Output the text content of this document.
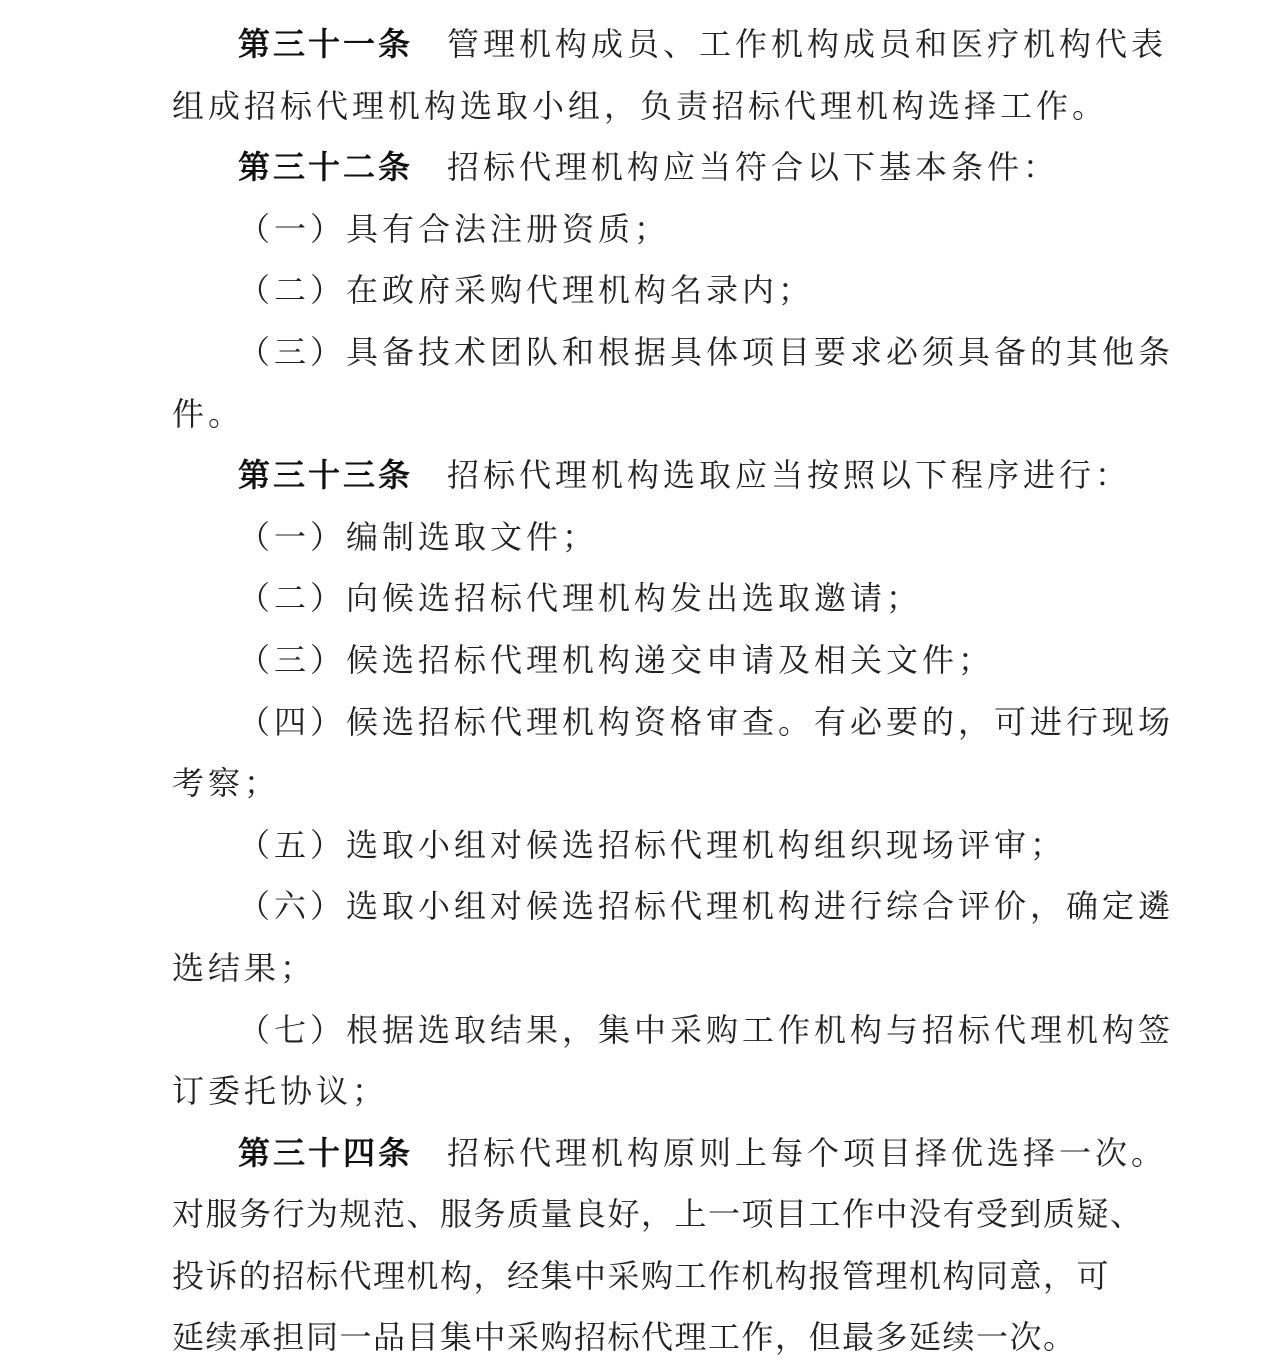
第三十一条 管理机构成员、工作机构成员和医疗机构代表
组成招标代理机构选取小组，负责招标代理机构选择工作。
第三十二条 招标代理机构应当符合以下基本条件：
（一）具有合法注册资质；
（二）在政府采购代理机构名录内；
（三）具备技术团队和根据具体项目要求必须具备的其他条
件。
第三十三条 招标代理机构选取应当按照以下程序进行：
（一）编制选取文件；
（二）向候选招标代理机构发出选取邀请；
（三）候选招标代理机构递交申请及相关文件；
（四）候选招标代理机构资格审查。有必要的，可进行现场
考察；
（五）选取小组对候选招标代理机构组织现场评审；
（六）选取小组对候选招标代理机构进行综合评价，确定遴
选结果；
（七）根据选取结果，集中采购工作机构与招标代理机构签
订委托协议；
第三十四条 招标代理机构原则上每个项目择优选择一次。
对服务行为规范、服务质量良好，上一项目工作中没有受到质疑、
投诉的招标代理机构，经集中采购工作机构报管理机构同意，可
延续承担同一品目集中采购招标代理工作，但最多延续一次。
